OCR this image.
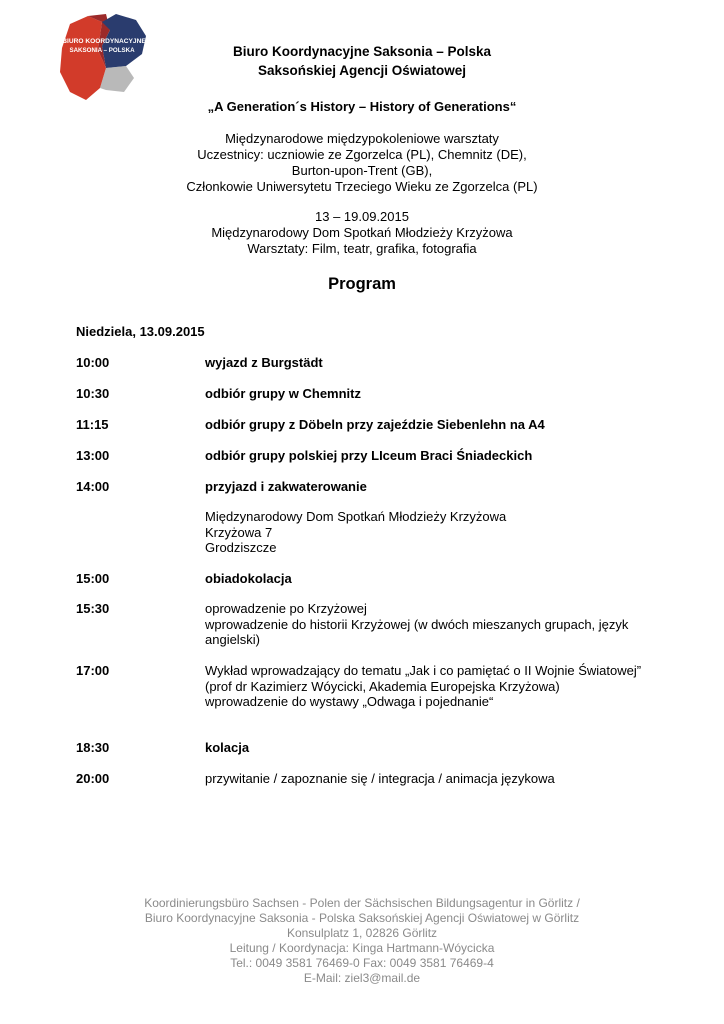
BIURO KOORDYNACYJNE
SAKSONIA – POLSKA	Biuro Koordynacyjne Saksonia – Polska
Saksońskiej Agencji Oświatowej
„A Generation´s History – History of Generations“
Międzynarodowe międzypokoleniowe warsztaty
Uczestnicy: uczniowie ze Zgorzelca (PL), Chemnitz (DE),
Burton-upon-Trent (GB),
Członkowie Uniwersytetu Trzeciego Wieku ze Zgorzelca (PL)
13 – 19.09.2015
Międzynarodowy Dom Spotkań Młodzieży Krzyżowa
Warsztaty: Film, teatr, grafika, fotografia
Program
Niedziela, 13.09.2015
10:00	wyjazd z Burgstädt
10:30	odbiór grupy w Chemnitz
11:15	odbiór grupy z Döbeln przy zajeździe Siebenlehn na A4
13:00	odbiór grupy polskiej przy LIceum Braci Śniadeckich
14:00	przyjazd i zakwaterowanie
Międzynarodowy Dom Spotkań Młodzieży Krzyżowa
Krzyżowa 7
Grodziszcze
15:00	obiadokolacja
15:30	oprowadzenie po Krzyżowej
wprowadzenie do historii Krzyżowej (w dwóch mieszanych grupach, język angielski)
17:00	Wykład wprowadzający do tematu „Jak i co pamiętać o II Wojnie Światowej” (prof dr Kazimierz Wóycicki, Akademia Europejska Krzyżowa)
wprowadzenie do wystawy „Odwaga i pojednanie“
18:30	kolacja
20:00	przywitanie / zapoznanie się / integracja / animacja językowa
Koordinierungsbüro Sachsen - Polen der Sächsischen Bildungsagentur in Görlitz /
Biuro Koordynacyjne Saksonia - Polska Saksońskiej Agencji Oświatowej w Görlitz
Konsulplatz 1, 02826 Görlitz
Leitung / Koordynacja: Kinga Hartmann-Wóycicka
Tel.: 0049 3581 76469-0 Fax: 0049 3581 76469-4
E-Mail: ziel3@mail.de
